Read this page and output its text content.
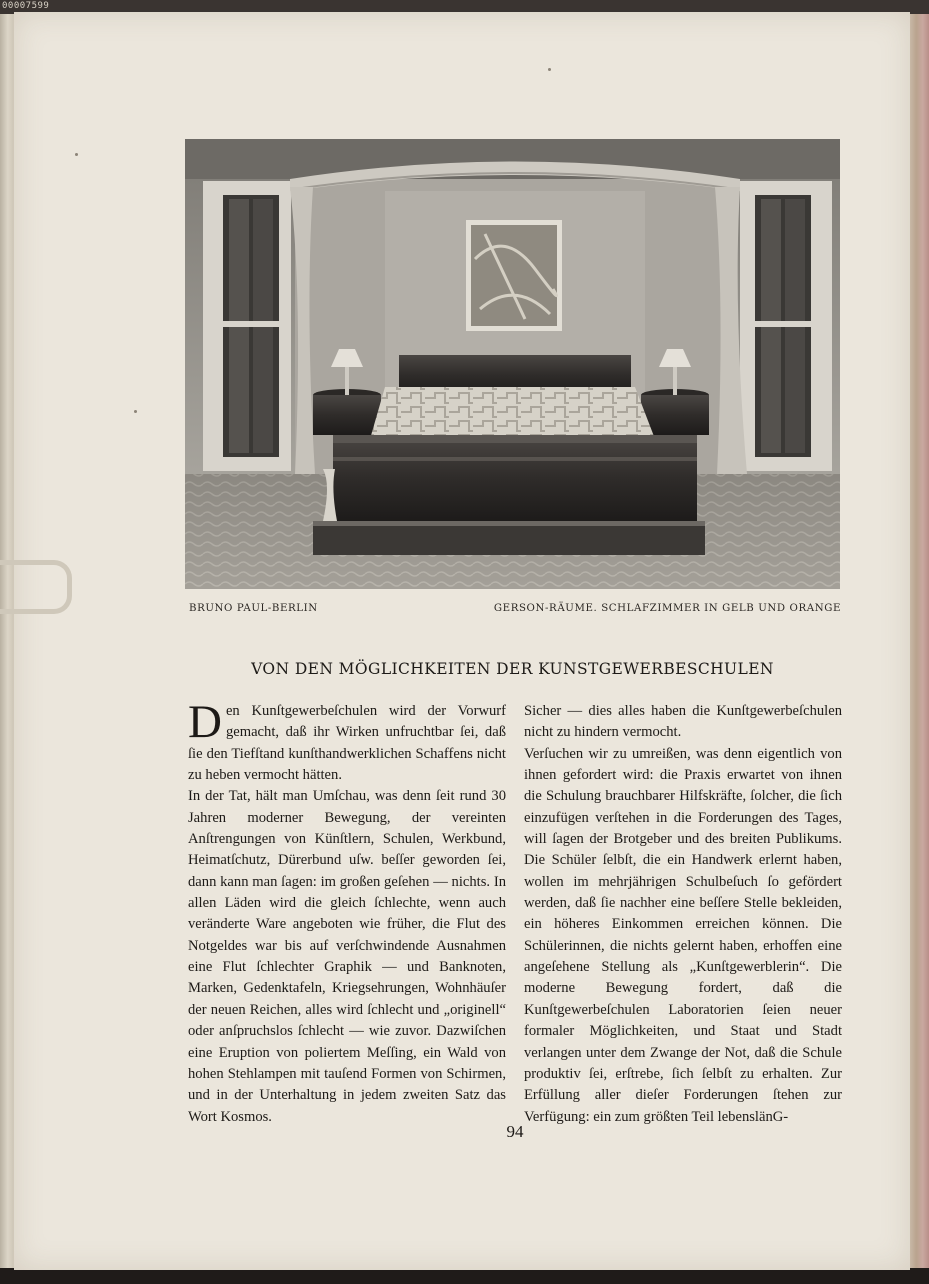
00007599
BRUNO PAUL-BERLIN	GERSON-RÄUME. SCHLAFZIMMER IN GELB UND ORANGE
VON DEN MÖGLICHKEITEN DER KUNSTGEWERBESCHULEN
D en Kunſtgewerbeſchulen wird der Vorwurf gemacht, daß ihr Wirken unfruchtbar ſei, daß ſie den Tiefſtand kunſthandwerklichen Schaffens nicht zu heben vermocht hätten.

In der Tat, hält man Umſchau, was denn ſeit rund 30 Jahren moderner Bewegung, der vereinten Anſtrengungen von Künſtlern, Schulen, Werkbund, Heimatſchutz, Dürerbund uſw. beſſer geworden ſei, dann kann man ſagen: im großen geſehen — nichts. In allen Läden wird die gleich ſchlechte, wenn auch veränderte Ware angeboten wie früher, die Flut des Notgeldes war bis auf verſchwindende Ausnahmen eine Flut ſchlechter Graphik — und Banknoten, Marken, Gedenktafeln, Kriegsehrungen, Wohnhäuſer der neuen Reichen, alles wird ſchlecht und „originell“ oder anſpruchslos ſchlecht — wie zuvor. Dazwiſchen eine Eruption von poliertem Meſſing, ein Wald von hohen Stehlampen mit tauſend Formen von Schirmen, und in der Unterhaltung in jedem zweiten Satz das Wort Kosmos.

Sicher — dies alles haben die Kunſtgewerbeſchulen nicht zu hindern vermocht.

Verſuchen wir zu umreißen, was denn eigentlich von ihnen gefordert wird: die Praxis erwartet von ihnen die Schulung brauchbarer Hilfskräfte, ſolcher, die ſich einzufügen verſtehen in die Forderungen des Tages, will ſagen der Brotgeber und des breiten Publikums. Die Schüler ſelbſt, die ein Handwerk erlernt haben, wollen im mehrjährigen Schulbeſuch ſo gefördert werden, daß ſie nachher eine beſſere Stelle bekleiden, ein höheres Einkommen erreichen können. Die Schülerinnen, die nichts gelernt haben, erhoffen eine angeſehene Stellung als „Kunſtgewerblerin“. Die moderne Bewegung fordert, daß die Kunſtgewerbeſchulen Laboratorien ſeien neuer formaler Möglichkeiten, und Staat und Stadt verlangen unter dem Zwange der Not, daß die Schule produktiv ſei, erſtrebe, ſich ſelbſt zu erhalten. Zur Erfüllung aller dieſer Forderungen ſtehen zur Verfügung: ein zum größten Teil lebenslänG-

94
